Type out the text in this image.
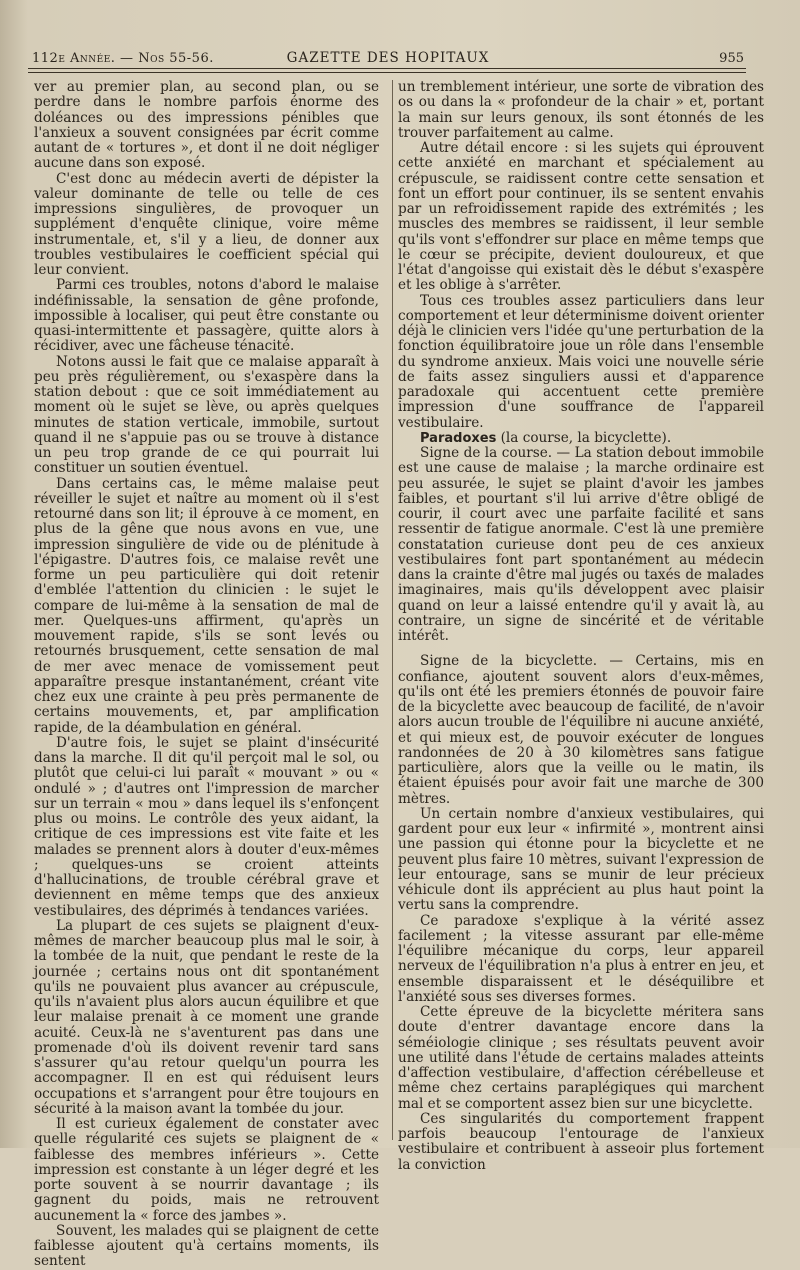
112e Année. — Nos 55-56.	GAZETTE DES HOPITAUX	955

ver au premier plan, au second plan, ou se perdre dans le nombre parfois énorme des doléances ou des impressions pénibles que l'anxieux a souvent consignées par écrit comme autant de « tortures », et dont il ne doit négliger aucune dans son exposé.

C'est donc au médecin averti de dépister la valeur dominante de telle ou telle de ces impressions singulières, de provoquer un supplément d'enquête clinique, voire même instrumentale, et, s'il y a lieu, de donner aux troubles vestibulaires le coefficient spécial qui leur convient.

Parmi ces troubles, notons d'abord le malaise indéfinissable, la sensation de gêne profonde, impossible à localiser, qui peut être constante ou quasi-intermittente et passagère, quitte alors à récidiver, avec une fâcheuse ténacité.

Notons aussi le fait que ce malaise apparaît à peu près régulièrement, ou s'exaspère dans la station debout : que ce soit immédiatement au moment où le sujet se lève, ou après quelques minutes de station verticale, immobile, surtout quand il ne s'appuie pas ou se trouve à distance un peu trop grande de ce qui pourrait lui constituer un soutien éventuel.

Dans certains cas, le même malaise peut réveiller le sujet et naître au moment où il s'est retourné dans son lit; il éprouve à ce moment, en plus de la gêne que nous avons en vue, une impression singulière de vide ou de plénitude à l'épigastre. D'autres fois, ce malaise revêt une forme un peu particulière qui doit retenir d'emblée l'attention du clinicien : le sujet le compare de lui-même à la sensation de mal de mer. Quelques-uns affirment, qu'après un mouvement rapide, s'ils se sont levés ou retournés brusquement, cette sensation de mal de mer avec menace de vomissement peut apparaître presque instantanément, créant vite chez eux une crainte à peu près permanente de certains mouvements, et, par amplification rapide, de la déambulation en général.

D'autre fois, le sujet se plaint d'insécurité dans la marche. Il dit qu'il perçoit mal le sol, ou plutôt que celui-ci lui paraît « mouvant » ou « ondulé » ; d'autres ont l'impression de marcher sur un terrain « mou » dans lequel ils s'enfonçent plus ou moins. Le contrôle des yeux aidant, la critique de ces impressions est vite faite et les malades se prennent alors à douter d'eux-mêmes ; quelques-uns se croient atteints d'hallucinations, de trouble cérébral grave et deviennent en même temps que des anxieux vestibulaires, des déprimés à tendances variées.

La plupart de ces sujets se plaignent d'eux-mêmes de marcher beaucoup plus mal le soir, à la tombée de la nuit, que pendant le reste de la journée ; certains nous ont dit spontanément qu'ils ne pouvaient plus avancer au crépuscule, qu'ils n'avaient plus alors aucun équilibre et que leur malaise prenait à ce moment une grande acuité. Ceux-là ne s'aventurent pas dans une promenade d'où ils doivent revenir tard sans s'assurer qu'au retour quelqu'un pourra les accompagner. Il en est qui réduisent leurs occupations et s'arrangent pour être toujours en sécurité à la maison avant la tombée du jour.

Il est curieux également de constater avec quelle régularité ces sujets se plaignent de « faiblesse des membres inférieurs ». Cette impression est constante à un léger degré et les porte souvent à se nourrir davantage ; ils gagnent du poids, mais ne retrouvent aucunement la « force des jambes ».

Souvent, les malades qui se plaignent de cette faiblesse ajoutent qu'à certains moments, ils sentent

un tremblement intérieur, une sorte de vibration des os ou dans la « profondeur de la chair » et, portant la main sur leurs genoux, ils sont étonnés de les trouver parfaitement au calme.

Autre détail encore : si les sujets qui éprouvent cette anxiété en marchant et spécialement au crépuscule, se raidissent contre cette sensation et font un effort pour continuer, ils se sentent envahis par un refroidissement rapide des extrémités ; les muscles des membres se raidissent, il leur semble qu'ils vont s'effondrer sur place en même temps que le cœur se précipite, devient douloureux, et que l'état d'angoisse qui existait dès le début s'exaspère et les oblige à s'arrêter.

Tous ces troubles assez particuliers dans leur comportement et leur déterminisme doivent orienter déjà le clinicien vers l'idée qu'une perturbation de la fonction équilibratoire joue un rôle dans l'ensemble du syndrome anxieux. Mais voici une nouvelle série de faits assez singuliers aussi et d'apparence paradoxale qui accentuent cette première impression d'une souffrance de l'appareil vestibulaire.

Paradoxes (la course, la bicyclette).

Signe de la course. — La station debout immobile est une cause de malaise ; la marche ordinaire est peu assurée, le sujet se plaint d'avoir les jambes faibles, et pourtant s'il lui arrive d'être obligé de courir, il court avec une parfaite facilité et sans ressentir de fatigue anormale. C'est là une première constatation curieuse dont peu de ces anxieux vestibulaires font part spontanément au médecin dans la crainte d'être mal jugés ou taxés de malades imaginaires, mais qu'ils développent avec plaisir quand on leur a laissé entendre qu'il y avait là, au contraire, un signe de sincérité et de véritable intérêt.

Signe de la bicyclette. — Certains, mis en confiance, ajoutent souvent alors d'eux-mêmes, qu'ils ont été les premiers étonnés de pouvoir faire de la bicyclette avec beaucoup de facilité, de n'avoir alors aucun trouble de l'équilibre ni aucune anxiété, et qui mieux est, de pouvoir exécuter de longues randonnées de 20 à 30 kilomètres sans fatigue particulière, alors que la veille ou le matin, ils étaient épuisés pour avoir fait une marche de 300 mètres.

Un certain nombre d'anxieux vestibulaires, qui gardent pour eux leur « infirmité », montrent ainsi une passion qui étonne pour la bicyclette et ne peuvent plus faire 10 mètres, suivant l'expression de leur entourage, sans se munir de leur précieux véhicule dont ils apprécient au plus haut point la vertu sans la comprendre.

Ce paradoxe s'explique à la vérité assez facilement ; la vitesse assurant par elle-même l'équilibre mécanique du corps, leur appareil nerveux de l'équilibration n'a plus à entrer en jeu, et ensemble disparaissent et le déséquilibre et l'anxiété sous ses diverses formes.

Cette épreuve de la bicyclette méritera sans doute d'entrer davantage encore dans la séméiologie clinique ; ses résultats peuvent avoir une utilité dans l'étude de certains malades atteints d'affection vestibulaire, d'affection cérébelleuse et même chez certains paraplégiques qui marchent mal et se comportent assez bien sur une bicyclette.

Ces singularités du comportement frappent parfois beaucoup l'entourage de l'anxieux vestibulaire et contribuent à asseoir plus fortement la conviction
